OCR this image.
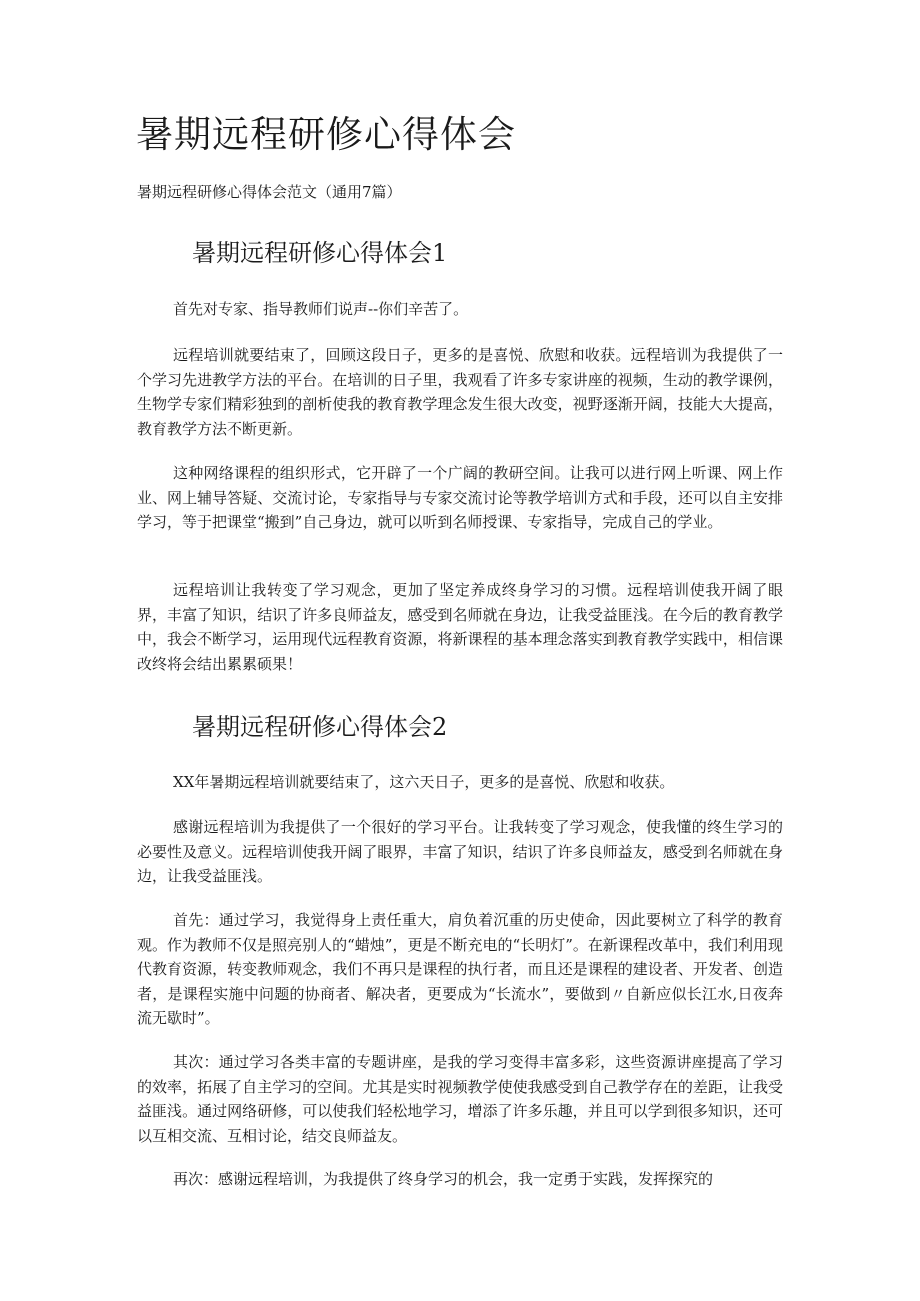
暑期远程研修心得体会

暑期远程研修心得体会范文（通用7篇）

暑期远程研修心得体会1

首先对专家、指导教师们说声--你们辛苦了。

远程培训就要结束了，回顾这段日子，更多的是喜悦、欣慰和收获。远程培训为我提供了一个学习先进教学方法的平台。在培训的日子里，我观看了许多专家讲座的视频，生动的教学课例，生物学专家们精彩独到的剖析使我的教育教学理念发生很大改变，视野逐渐开阔，技能大大提高，教育教学方法不断更新。

这种网络课程的组织形式，它开辟了一个广阔的教研空间。让我可以进行网上听课、网上作业、网上辅导答疑、交流讨论，专家指导与专家交流讨论等教学培训方式和手段，还可以自主安排学习，等于把课堂“搬到”自己身边，就可以听到名师授课、专家指导，完成自己的学业。

远程培训让我转变了学习观念，更加了坚定养成终身学习的习惯。远程培训使我开阔了眼界，丰富了知识，结识了许多良师益友，感受到名师就在身边，让我受益匪浅。在今后的教育教学中，我会不断学习，运用现代远程教育资源，将新课程的基本理念落实到教育教学实践中，相信课改终将会结出累累硕果！

暑期远程研修心得体会2

XX年暑期远程培训就要结束了，这六天日子，更多的是喜悦、欣慰和收获。

感谢远程培训为我提供了一个很好的学习平台。让我转变了学习观念，使我懂的终生学习的必要性及意义。远程培训使我开阔了眼界，丰富了知识，结识了许多良师益友，感受到名师就在身边，让我受益匪浅。

首先：通过学习，我觉得身上责任重大，肩负着沉重的历史使命，因此要树立了科学的教育观。作为教师不仅是照亮别人的“蜡烛”，更是不断充电的“长明灯”。在新课程改革中，我们利用现代教育资源，转变教师观念，我们不再只是课程的执行者，而且还是课程的建设者、开发者、创造者，是课程实施中问题的协商者、解决者，更要成为“长流水”，要做到〃自新应似长江水,日夜奔流无歇时”。

其次：通过学习各类丰富的专题讲座，是我的学习变得丰富多彩，这些资源讲座提高了学习的效率，拓展了自主学习的空间。尤其是实时视频教学使使我感受到自己教学存在的差距，让我受益匪浅。通过网络研修，可以使我们轻松地学习，增添了许多乐趣，并且可以学到很多知识，还可以互相交流、互相讨论，结交良师益友。

再次：感谢远程培训，为我提供了终身学习的机会，我一定勇于实践，发挥探究的
